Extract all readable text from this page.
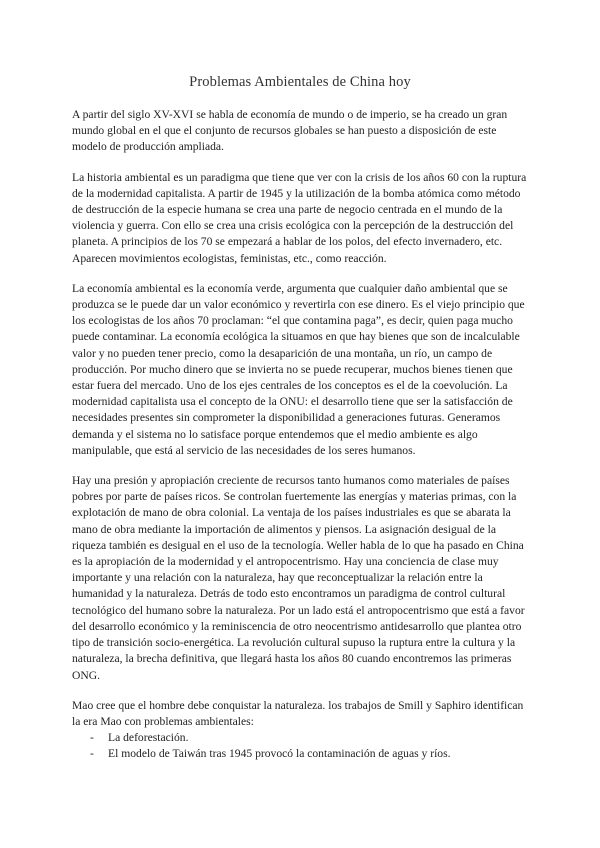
Problemas Ambientales de China hoy

A partir del siglo XV-XVI se habla de economía de mundo o de imperio, se ha creado un gran mundo global en el que el conjunto de recursos globales se han puesto a disposición de este modelo de producción ampliada.

La historia ambiental es un paradigma que tiene que ver con la crisis de los años 60 con la ruptura de la modernidad capitalista. A partir de 1945 y la utilización de la bomba atómica como método de destrucción de la especie humana se crea una parte de negocio centrada en el mundo de la violencia y guerra. Con ello se crea una crisis ecológica con la percepción de la destrucción del planeta. A principios de los 70 se empezará a hablar de los polos, del efecto invernadero, etc. Aparecen movimientos ecologistas, feministas, etc., como reacción.

La economía ambiental es la economía verde, argumenta que cualquier daño ambiental que se produzca se le puede dar un valor económico y revertirla con ese dinero. Es el viejo principio que los ecologistas de los años 70 proclaman: “el que contamina paga”, es decir, quien paga mucho puede contaminar. La economía ecológica la situamos en que hay bienes que son de incalculable valor y no pueden tener precio, como la desaparición de una montaña, un río, un campo de producción. Por mucho dinero que se invierta no se puede recuperar, muchos bienes tienen que estar fuera del mercado. Uno de los ejes centrales de los conceptos es el de la coevolución. La modernidad capitalista usa el concepto de la ONU: el desarrollo tiene que ser la satisfacción de necesidades presentes sin comprometer la disponibilidad a generaciones futuras. Generamos demanda y el sistema no lo satisface porque entendemos que el medio ambiente es algo manipulable, que está al servicio de las necesidades de los seres humanos.

Hay una presión y apropiación creciente de recursos tanto humanos como materiales de países pobres por parte de países ricos. Se controlan fuertemente las energías y materias primas, con la explotación de mano de obra colonial. La ventaja de los países industriales es que se abarata la mano de obra mediante la importación de alimentos y piensos. La asignación desigual de la riqueza también es desigual en el uso de la tecnología. Weller habla de lo que ha pasado en China es la apropiación de la modernidad y el antropocentrismo. Hay una conciencia de clase muy importante y una relación con la naturaleza, hay que reconceptualizar la relación entre la humanidad y la naturaleza. Detrás de todo esto encontramos un paradigma de control cultural tecnológico del humano sobre la naturaleza. Por un lado está el antropocentrismo que está a favor del desarrollo económico y la reminiscencia de otro neocentrismo antidesarrollo que plantea otro tipo de transición socio-energética. La revolución cultural supuso la ruptura entre la cultura y la naturaleza, la brecha definitiva, que llegará hasta los años 80 cuando encontremos las primeras ONG.

Mao cree que el hombre debe conquistar la naturaleza. los trabajos de Smill y Saphiro identifican la era Mao con problemas ambientales:

- La deforestación.
- El modelo de Taiwán tras 1945 provocó la contaminación de aguas y ríos.
